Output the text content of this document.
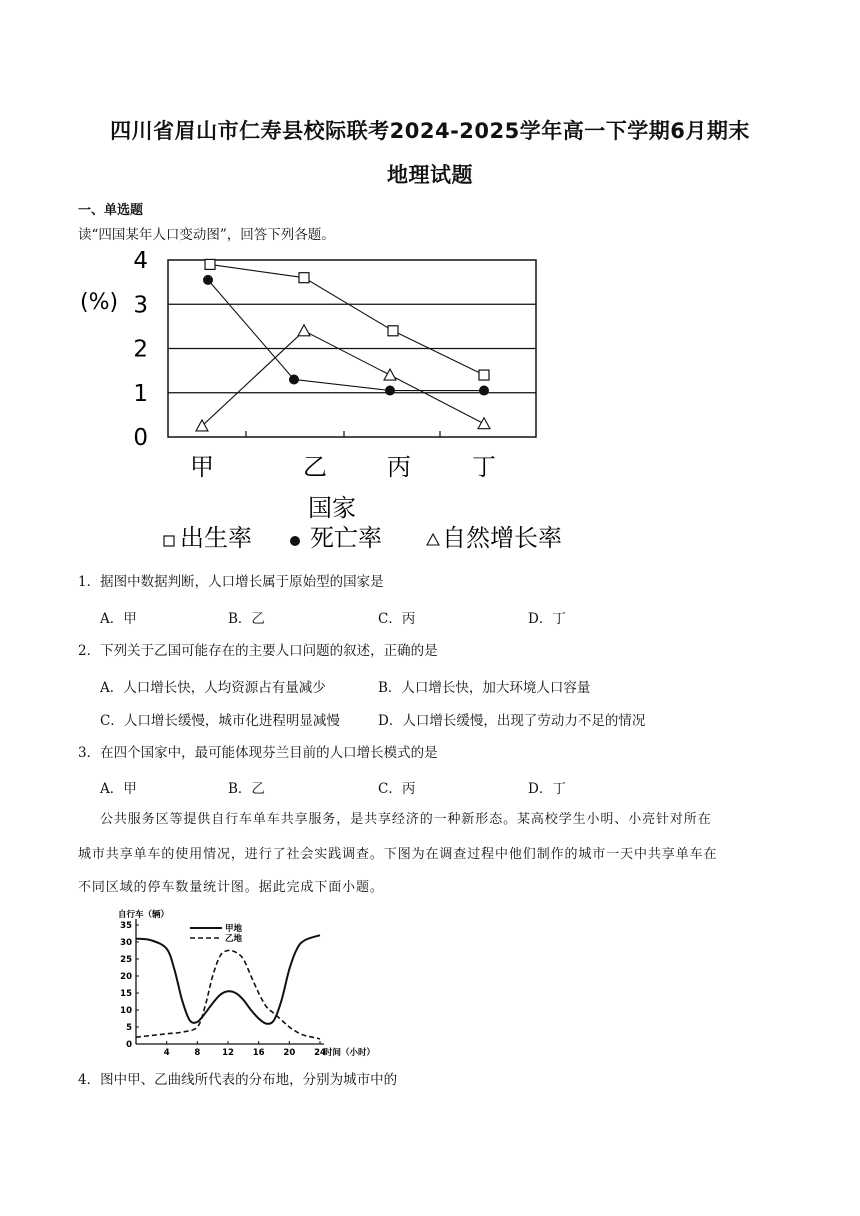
四川省眉山市仁寿县校际联考2024-2025学年高一下学期6月期末
地理试题
一、单选题
读“四国某年人口变动图”，回答下列各题。
(%)
4
3
2
1
0
甲	乙	丙	丁
国家
出生率 死亡率	自然增长率
1．据图中数据判断，人口增长属于原始型的国家是
A．甲	B．乙	C．丙	D．丁
2．下列关于乙国可能存在的主要人口问题的叙述，正确的是
A．人口增长快，人均资源占有量减少	B．人口增长快，加大环境人口容量
C．人口增长缓慢，城市化进程明显减慢	D．人口增长缓慢，出现了劳动力不足的情况
3．在四个国家中，最可能体现芬兰目前的人口增长模式的是
A．甲	B．乙	C．丙	D．丁
公共服务区等提供自行车单车共享服务，是共享经济的一种新形态。某高校学生小明、小亮针对所在
城市共享单车的使用情况，进行了社会实践调查。下图为在调查过程中他们制作的城市一天中共享单车在
不同区域的停车数量统计图。据此完成下面小题。
自行车（辆）
35
30
25
20
15
10
5
0
4	8	12 16 20 24
时间（小时）
甲地
乙地
4．图中甲、乙曲线所代表的分布地，分别为城市中的
